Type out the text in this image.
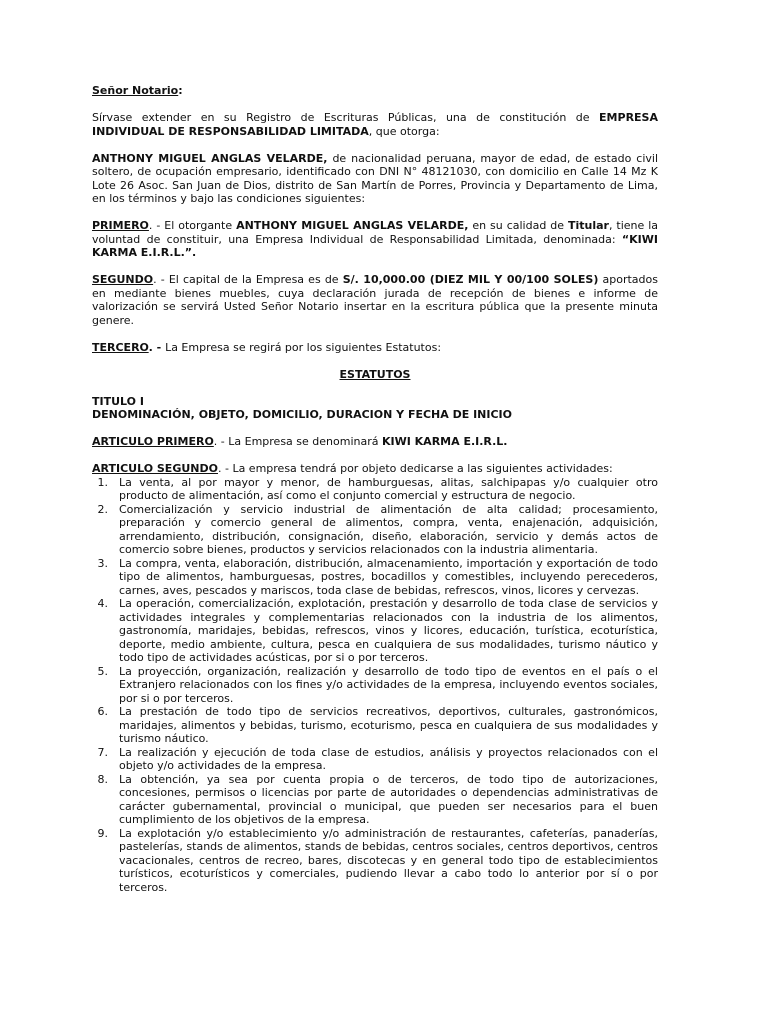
Señor Notario:

Sírvase extender en su Registro de Escrituras Públicas, una de constitución de EMPRESA INDIVIDUAL DE RESPONSABILIDAD LIMITADA, que otorga:

ANTHONY MIGUEL ANGLAS VELARDE, de nacionalidad peruana, mayor de edad, de estado civil soltero, de ocupación empresario, identificado con DNI N° 48121030, con domicilio en Calle 14 Mz K Lote 26 Asoc. San Juan de Dios, distrito de San Martín de Porres, Provincia y Departamento de Lima, en los términos y bajo las condiciones siguientes:

PRIMERO. - El otorgante ANTHONY MIGUEL ANGLAS VELARDE, en su calidad de Titular, tiene la voluntad de constituir, una Empresa Individual de Responsabilidad Limitada, denominada: “KIWI KARMA E.I.R.L.”.

SEGUNDO. - El capital de la Empresa es de S/. 10,000.00 (DIEZ MIL Y 00/100 SOLES) aportados en mediante bienes muebles, cuya declaración jurada de recepción de bienes e informe de valorización se servirá Usted Señor Notario insertar en la escritura pública que la presente minuta genere.

TERCERO. - La Empresa se regirá por los siguientes Estatutos:

ESTATUTOS

TITULO I

DENOMINACIÓN, OBJETO, DOMICILIO, DURACION Y FECHA DE INICIO

ARTICULO PRIMERO. - La Empresa se denominará KIWI KARMA E.I.R.L.

ARTICULO SEGUNDO. - La empresa tendrá por objeto dedicarse a las siguientes actividades:

1. La venta, al por mayor y menor, de hamburguesas, alitas, salchipapas y/o cualquier otro producto de alimentación, así como el conjunto comercial y estructura de negocio.
2. Comercialización y servicio industrial de alimentación de alta calidad; procesamiento, preparación y comercio general de alimentos, compra, venta, enajenación, adquisición, arrendamiento, distribución, consignación, diseño, elaboración, servicio y demás actos de comercio sobre bienes, productos y servicios relacionados con la industria alimentaria.
3. La compra, venta, elaboración, distribución, almacenamiento, importación y exportación de todo tipo de alimentos, hamburguesas, postres, bocadillos y comestibles, incluyendo perecederos, carnes, aves, pescados y mariscos, toda clase de bebidas, refrescos, vinos, licores y cervezas.
4. La operación, comercialización, explotación, prestación y desarrollo de toda clase de servicios y actividades integrales y complementarias relacionados con la industria de los alimentos, gastronomía, maridajes, bebidas, refrescos, vinos y licores, educación, turística, ecoturística, deporte, medio ambiente, cultura, pesca en cualquiera de sus modalidades, turismo náutico y todo tipo de actividades acústicas, por si o por terceros.
5. La proyección, organización, realización y desarrollo de todo tipo de eventos en el país o el Extranjero relacionados con los fines y/o actividades de la empresa, incluyendo eventos sociales, por si o por terceros.
6. La prestación de todo tipo de servicios recreativos, deportivos, culturales, gastronómicos, maridajes, alimentos y bebidas, turismo, ecoturismo, pesca en cualquiera de sus modalidades y turismo náutico.
7. La realización y ejecución de toda clase de estudios, análisis y proyectos relacionados con el objeto y/o actividades de la empresa.
8. La obtención, ya sea por cuenta propia o de terceros, de todo tipo de autorizaciones, concesiones, permisos o licencias por parte de autoridades o dependencias administrativas de carácter gubernamental, provincial o municipal, que pueden ser necesarios para el buen cumplimiento de los objetivos de la empresa.
9. La explotación y/o establecimiento y/o administración de restaurantes, cafeterías, panaderías, pastelerías, stands de alimentos, stands de bebidas, centros sociales, centros deportivos, centros vacacionales, centros de recreo, bares, discotecas y en general todo tipo de establecimientos turísticos, ecoturísticos y comerciales, pudiendo llevar a cabo todo lo anterior por sí o por terceros.
